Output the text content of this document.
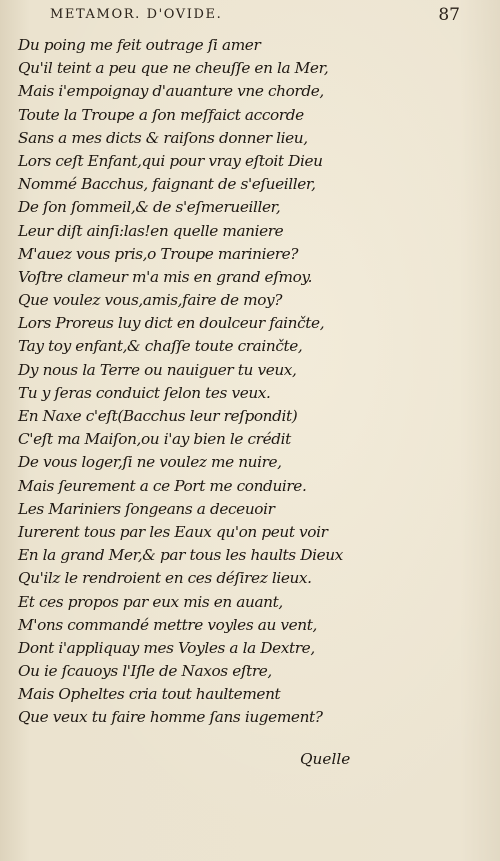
METAMOR. D'OVIDE.	87
Du poing me feit outrage ſi amer
Qu'il teint a peu que ne cheuſſe en la Mer,
Mais i'empoignay d'auanture vne chorde,
Toute la Troupe a ſon meſfaict accorde
Sans a mes dicts & raiſons donner lieu,
Lors ceſt Enfant,qui pour vray eſtoit Dieu
Nommé Bacchus, faignant de s'eſueiller,
De ſon ſommeil,& de s'eſmerueiller,
Leur diſt ainſi:las!en quelle maniere
M'auez vous pris,o Troupe mariniere?
Voſtre clameur m'a mis en grand eſmoy.
Que voulez vous,amis,faire de moy?
Lors Proreus luy dict en doulceur fainčte,
Tay toy enfant,& chaſſe toute crainčte,
Dy nous la Terre ou nauiguer tu veux,
Tu y ſeras conduict ſelon tes veux.
En Naxe c'eſt(Bacchus leur reſpondit)
C'eſt ma Maiſon,ou i'ay bien le crédit
De vous loger,ſi ne voulez me nuire,
Mais ſeurement a ce Port me conduire.
Les Mariniers ſongeans a deceuoir
Iurerent tous par les Eaux qu'on peut voir
En la grand Mer,& par tous les haults Dieux
Qu'ilz le rendroient en ces déſirez lieux.
Et ces propos par eux mis en auant,
M'ons commandé mettre voyles au vent,
Dont i'appliquay mes Voyles a la Dextre,
Ou ie ſcauoys l'Iſle de Naxos eſtre,
Mais Opheltes cria tout haultement
Que veux tu faire homme ſans iugement?
Quelle
